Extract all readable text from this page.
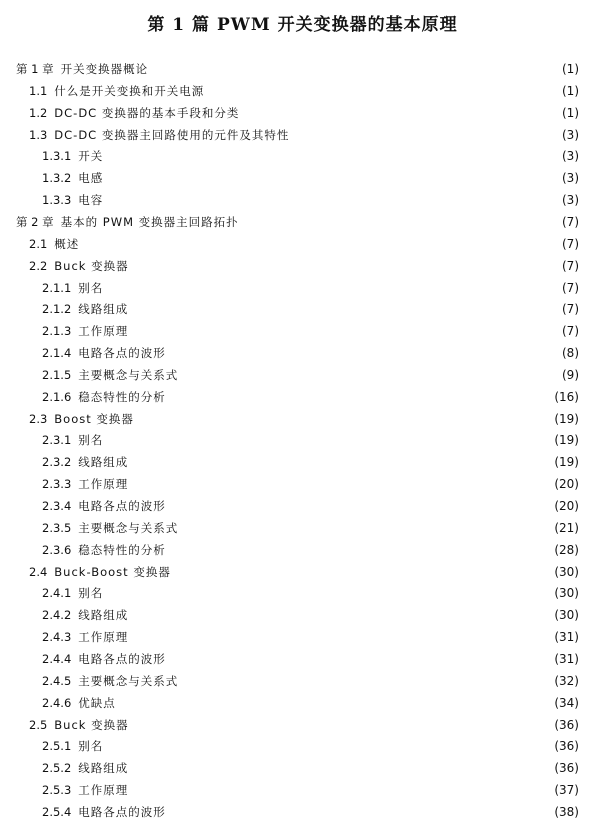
第 1 篇 PWM 开关变换器的基本原理
第 1 章 开关变换器概论	(1)
1.1 什么是开关变换和开关电源	(1)
1.2 DC-DC 变换器的基本手段和分类	(1)
1.3 DC-DC 变换器主回路使用的元件及其特性	(3)
1.3.1 开关	(3)
1.3.2 电感	(3)
1.3.3 电容	(3)
第 2 章 基本的 PWM 变换器主回路拓扑	(7)
2.1 概述	(7)
2.2 Buck 变换器	(7)
2.1.1 别名	(7)
2.1.2 线路组成	(7)
2.1.3 工作原理	(7)
2.1.4 电路各点的波形	(8)
2.1.5 主要概念与关系式	(9)
2.1.6 稳态特性的分析	(16)
2.3 Boost 变换器	(19)
2.3.1 别名	(19)
2.3.2 线路组成	(19)
2.3.3 工作原理	(20)
2.3.4 电路各点的波形	(20)
2.3.5 主要概念与关系式	(21)
2.3.6 稳态特性的分析	(28)
2.4 Buck-Boost 变换器	(30)
2.4.1 别名	(30)
2.4.2 线路组成	(30)
2.4.3 工作原理	(31)
2.4.4 电路各点的波形	(31)
2.4.5 主要概念与关系式	(32)
2.4.6 优缺点	(34)
2.5 Buck 变换器	(36)
2.5.1 别名	(36)
2.5.2 线路组成	(36)
2.5.3 工作原理	(37)
2.5.4 电路各点的波形	(38)
